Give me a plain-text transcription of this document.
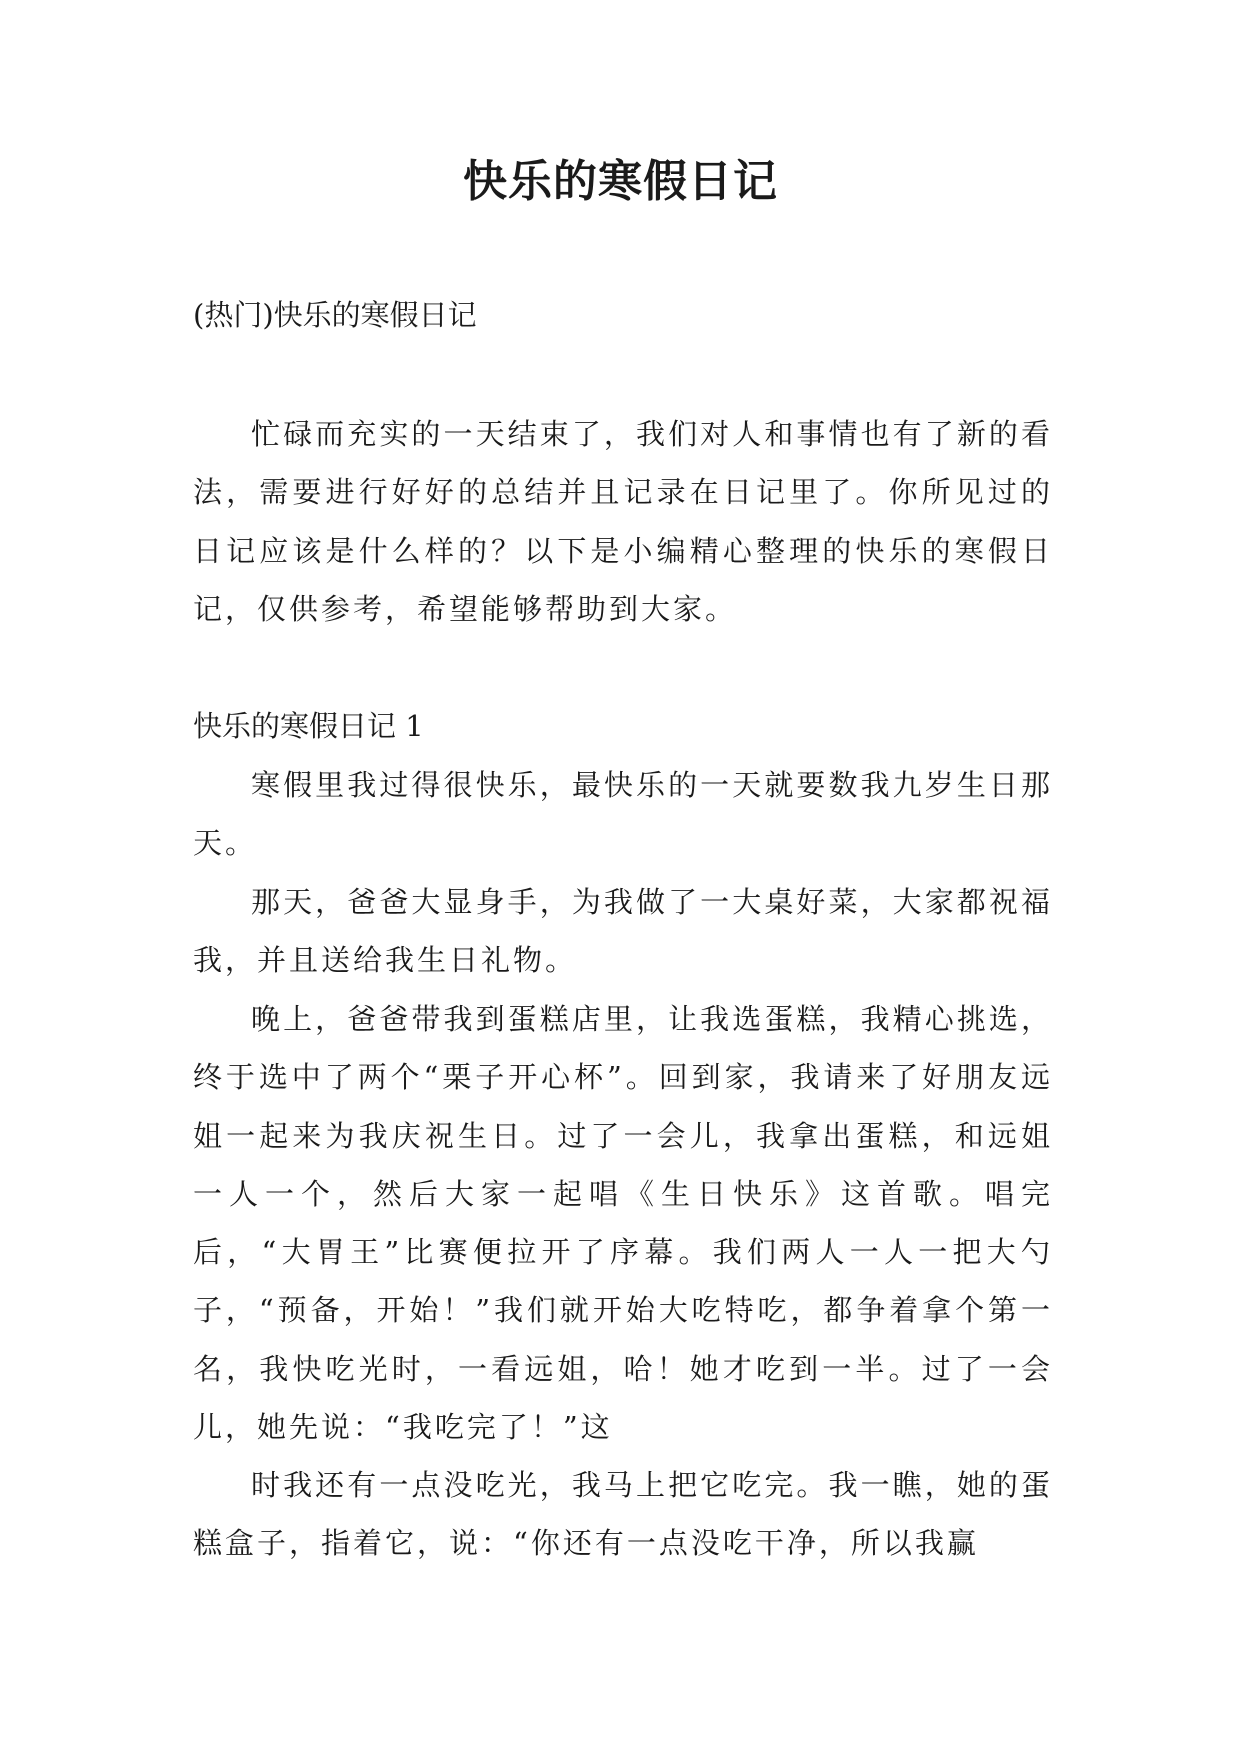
快乐的寒假日记

(热门)快乐的寒假日记

忙碌而充实的一天结束了，我们对人和事情也有了新的看法，需要进行好好的总结并且记录在日记里了。你所见过的日记应该是什么样的？以下是小编精心整理的快乐的寒假日记，仅供参考，希望能够帮助到大家。

快乐的寒假日记 1

寒假里我过得很快乐，最快乐的一天就要数我九岁生日那天。

那天，爸爸大显身手，为我做了一大桌好菜，大家都祝福我，并且送给我生日礼物。

晚上，爸爸带我到蛋糕店里，让我选蛋糕，我精心挑选，终于选中了两个“栗子开心杯”。回到家，我请来了好朋友远姐一起来为我庆祝生日。过了一会儿，我拿出蛋糕，和远姐一人一个，然后大家一起唱《生日快乐》这首歌。唱完后，“大胃王”比赛便拉开了序幕。我们两人一人一把大勺子，“预备，开始！”我们就开始大吃特吃，都争着拿个第一名，我快吃光时，一看远姐，哈！她才吃到一半。过了一会儿，她先说：“我吃完了！”这

时我还有一点没吃光，我马上把它吃完。我一瞧，她的蛋糕盒子，指着它，说：“你还有一点没吃干净，所以我赢
